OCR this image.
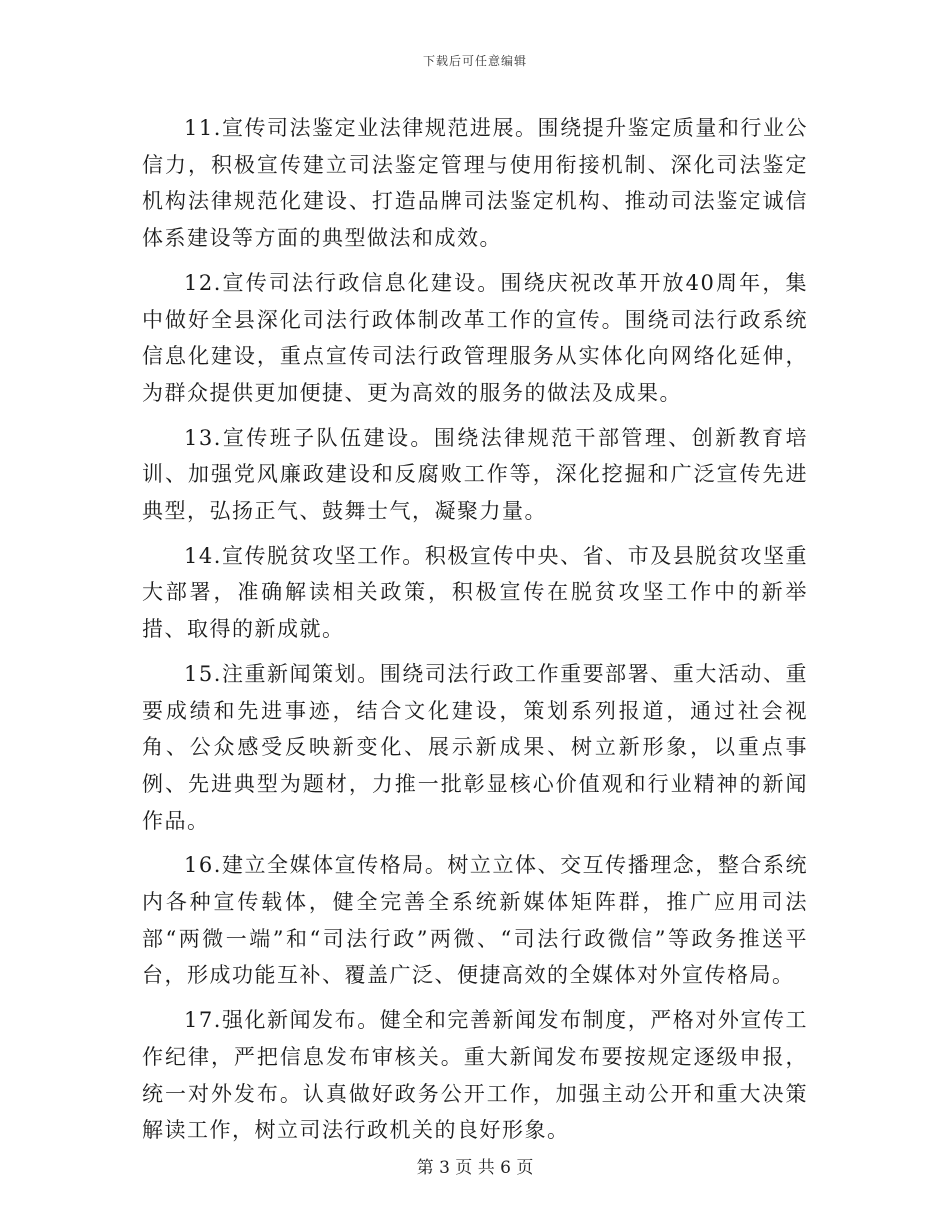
下载后可任意编辑

11.宣传司法鉴定业法律规范进展。围绕提升鉴定质量和行业公信力，积极宣传建立司法鉴定管理与使用衔接机制、深化司法鉴定机构法律规范化建设、打造品牌司法鉴定机构、推动司法鉴定诚信体系建设等方面的典型做法和成效。

12.宣传司法行政信息化建设。围绕庆祝改革开放40周年，集中做好全县深化司法行政体制改革工作的宣传。围绕司法行政系统信息化建设，重点宣传司法行政管理服务从实体化向网络化延伸，为群众提供更加便捷、更为高效的服务的做法及成果。

13.宣传班子队伍建设。围绕法律规范干部管理、创新教育培训、加强党风廉政建设和反腐败工作等，深化挖掘和广泛宣传先进典型，弘扬正气、鼓舞士气，凝聚力量。

14.宣传脱贫攻坚工作。积极宣传中央、省、市及县脱贫攻坚重大部署，准确解读相关政策，积极宣传在脱贫攻坚工作中的新举措、取得的新成就。

15.注重新闻策划。围绕司法行政工作重要部署、重大活动、重要成绩和先进事迹，结合文化建设，策划系列报道，通过社会视角、公众感受反映新变化、展示新成果、树立新形象，以重点事例、先进典型为题材，力推一批彰显核心价值观和行业精神的新闻作品。

16.建立全媒体宣传格局。树立立体、交互传播理念，整合系统内各种宣传载体，健全完善全系统新媒体矩阵群，推广应用司法部“两微一端”和“司法行政”两微、“司法行政微信”等政务推送平台，形成功能互补、覆盖广泛、便捷高效的全媒体对外宣传格局。

17.强化新闻发布。健全和完善新闻发布制度，严格对外宣传工作纪律，严把信息发布审核关。重大新闻发布要按规定逐级申报，统一对外发布。认真做好政务公开工作，加强主动公开和重大决策解读工作，树立司法行政机关的良好形象。

第 3 页 共 6 页
